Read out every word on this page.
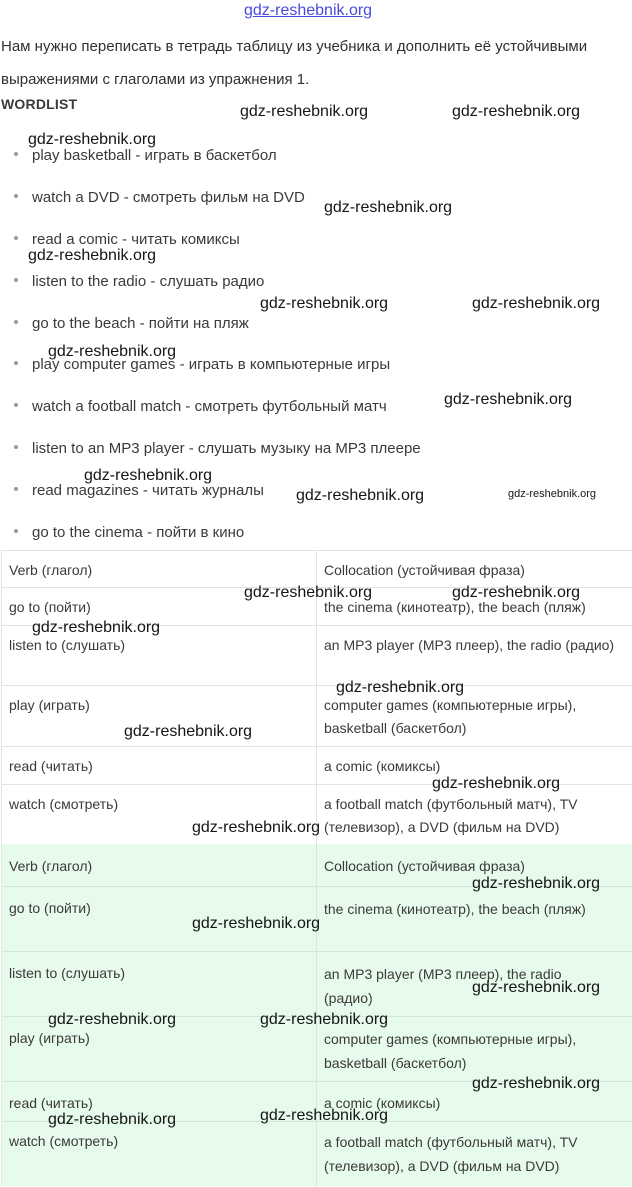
gdz-reshebnik.org
Нам нужно переписать в тетрадь таблицу из учебника и дополнить её устойчивыми выражениями с глаголами из упражнения 1.
WORDLIST
play basketball - играть в баскетбол
watch a DVD - смотреть фильм на DVD
read a comic - читать комиксы
listen to the radio - слушать радио
go to the beach - пойти на пляж
play computer games - играть в компьютерные игры
watch a football match - смотреть футбольный матч
listen to an MP3 player - слушать музыку на MP3 плеере
read magazines - читать журналы
go to the cinema - пойти в кино
Verb (глагол)	Collocation (устойчивая фраза)
go to (пойти)	the cinema (кинотеатр), the beach (пляж)
listen to (слушать)	an MP3 player (MP3 плеер), the radio (радио)
play (играть)	computer games (компьютерные игры), basketball (баскетбол)
read (читать)	a comic (комиксы)
watch (смотреть)	a football match (футбольный матч), TV (телевизор), a DVD (фильм на DVD)
Verb (глагол)	Collocation (устойчивая фраза)
go to (пойти)	the cinema (кинотеатр), the beach (пляж)
listen to (слушать)	an MP3 player (MP3 плеер), the radio (радио)
play (играть)	computer games (компьютерные игры), basketball (баскетбол)
read (читать)	a comic (комиксы)
watch (смотреть)	a football match (футбольный матч), TV (телевизор), a DVD (фильм на DVD)
gdz-reshebnik.org	gdz-reshebnik.org
gdz-reshebnik.org
gdz-reshebnik.org
gdz-reshebnik.org
gdz-reshebnik.org	gdz-reshebnik.org
gdz-reshebnik.org
gdz-reshebnik.org
gdz-reshebnik.org
gdz-reshebnik.org	gdz-reshebnik.org
gdz-reshebnik.org	gdz-reshebnik.org
gdz-reshebnik.org
gdz-reshebnik.org
gdz-reshebnik.org
gdz-reshebnik.org
gdz-reshebnik.org
gdz-reshebnik.org
gdz-reshebnik.org
gdz-reshebnik.org
gdz-reshebnik.org	gdz-reshebnik.org
gdz-reshebnik.org
gdz-reshebnik.org	gdz-reshebnik.org
